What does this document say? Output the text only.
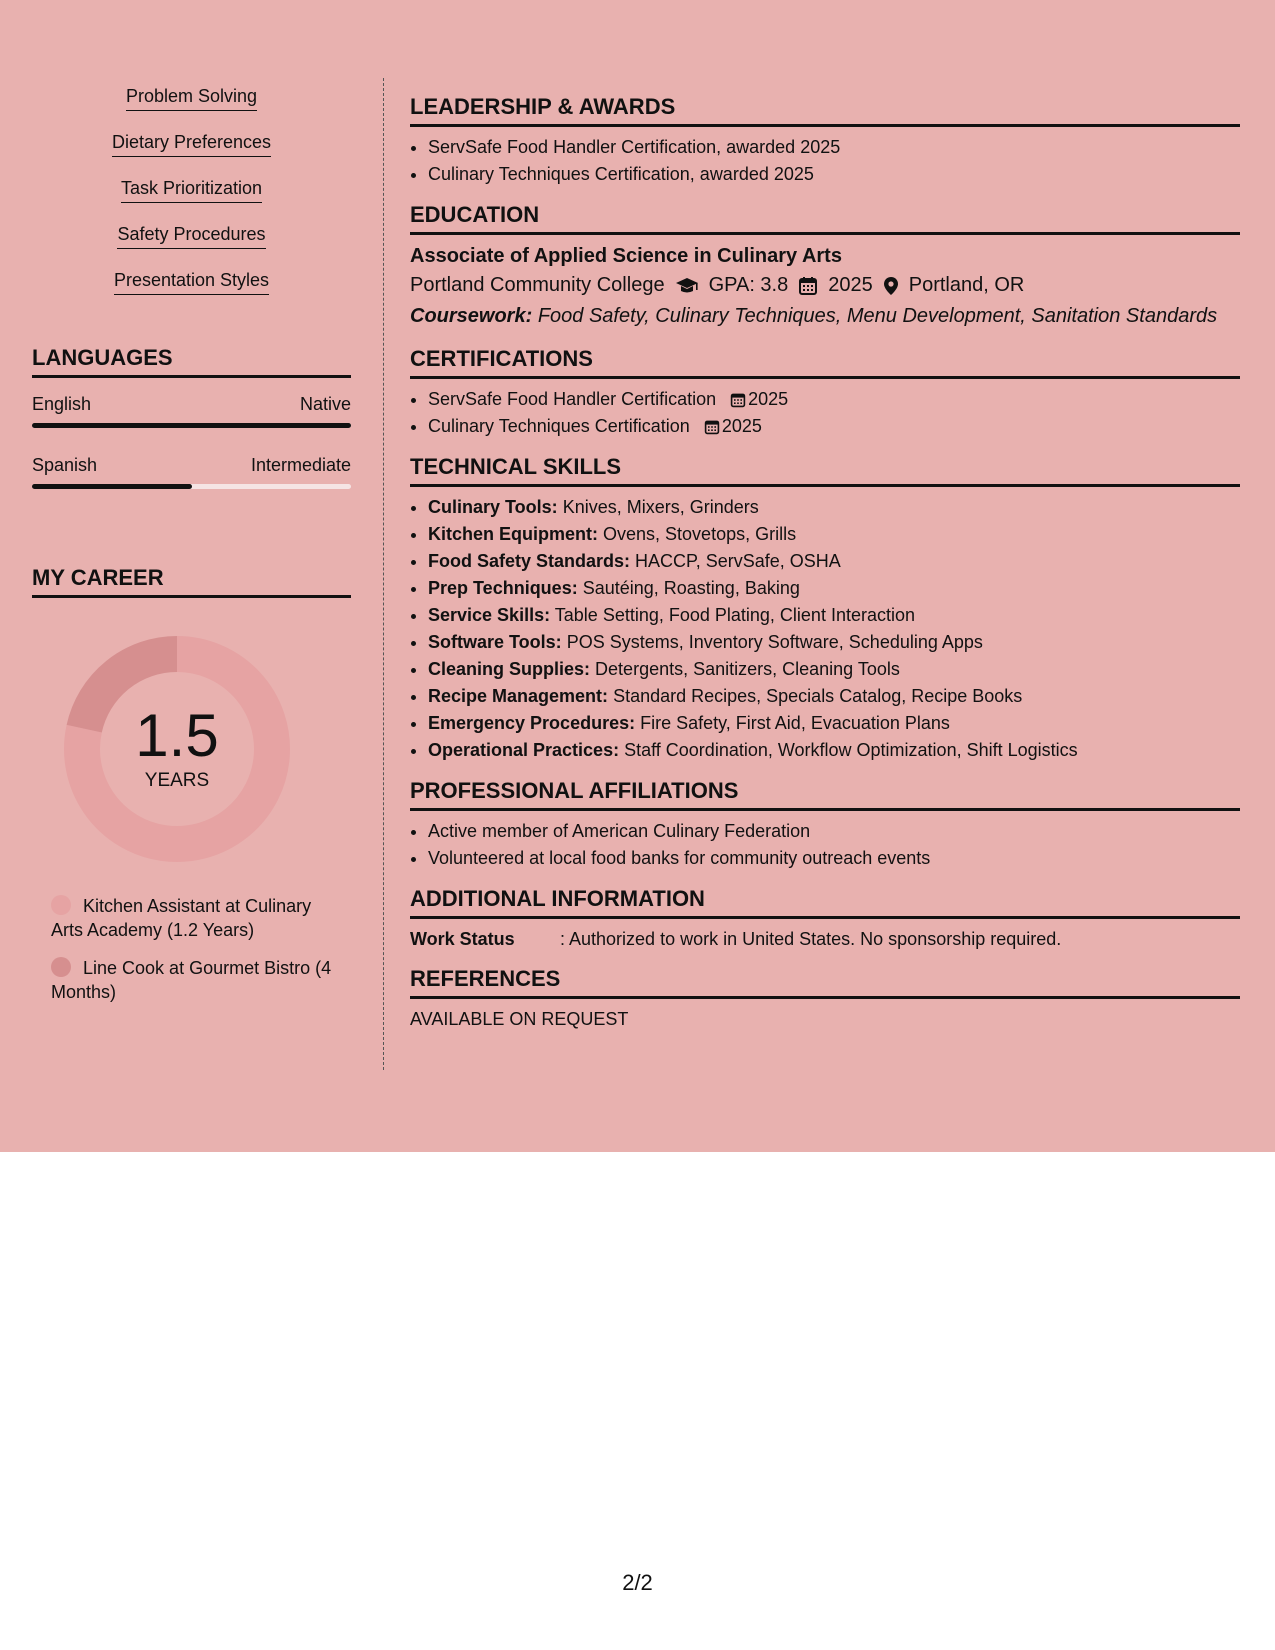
Problem Solving
Dietary Preferences
Task Prioritization
Safety Procedures
Presentation Styles
LANGUAGES
English	Native
Spanish	Intermediate
MY CAREER
1.5
YEARS
Kitchen Assistant at Culinary Arts Academy (1.2 Years)
Line Cook at Gourmet Bistro (4 Months)
LEADERSHIP & AWARDS
• ServSafe Food Handler Certification, awarded 2025
• Culinary Techniques Certification, awarded 2025
EDUCATION
Associate of Applied Science in Culinary Arts
Portland Community College GPA: 3.8 2025 Portland, OR
Coursework: Food Safety, Culinary Techniques, Menu Development, Sanitation Standards
CERTIFICATIONS
• ServSafe Food Handler Certification 2025
• Culinary Techniques Certification 2025
TECHNICAL SKILLS
• Culinary Tools: Knives, Mixers, Grinders
• Kitchen Equipment: Ovens, Stovetops, Grills
• Food Safety Standards: HACCP, ServSafe, OSHA
• Prep Techniques: Sautéing, Roasting, Baking
• Service Skills: Table Setting, Food Plating, Client Interaction
• Software Tools: POS Systems, Inventory Software, Scheduling Apps
• Cleaning Supplies: Detergents, Sanitizers, Cleaning Tools
• Recipe Management: Standard Recipes, Specials Catalog, Recipe Books
• Emergency Procedures: Fire Safety, First Aid, Evacuation Plans
• Operational Practices: Staff Coordination, Workflow Optimization, Shift Logistics
PROFESSIONAL AFFILIATIONS
• Active member of American Culinary Federation
• Volunteered at local food banks for community outreach events
ADDITIONAL INFORMATION
Work Status	: Authorized to work in United States. No sponsorship required.
REFERENCES
AVAILABLE ON REQUEST
2/2
